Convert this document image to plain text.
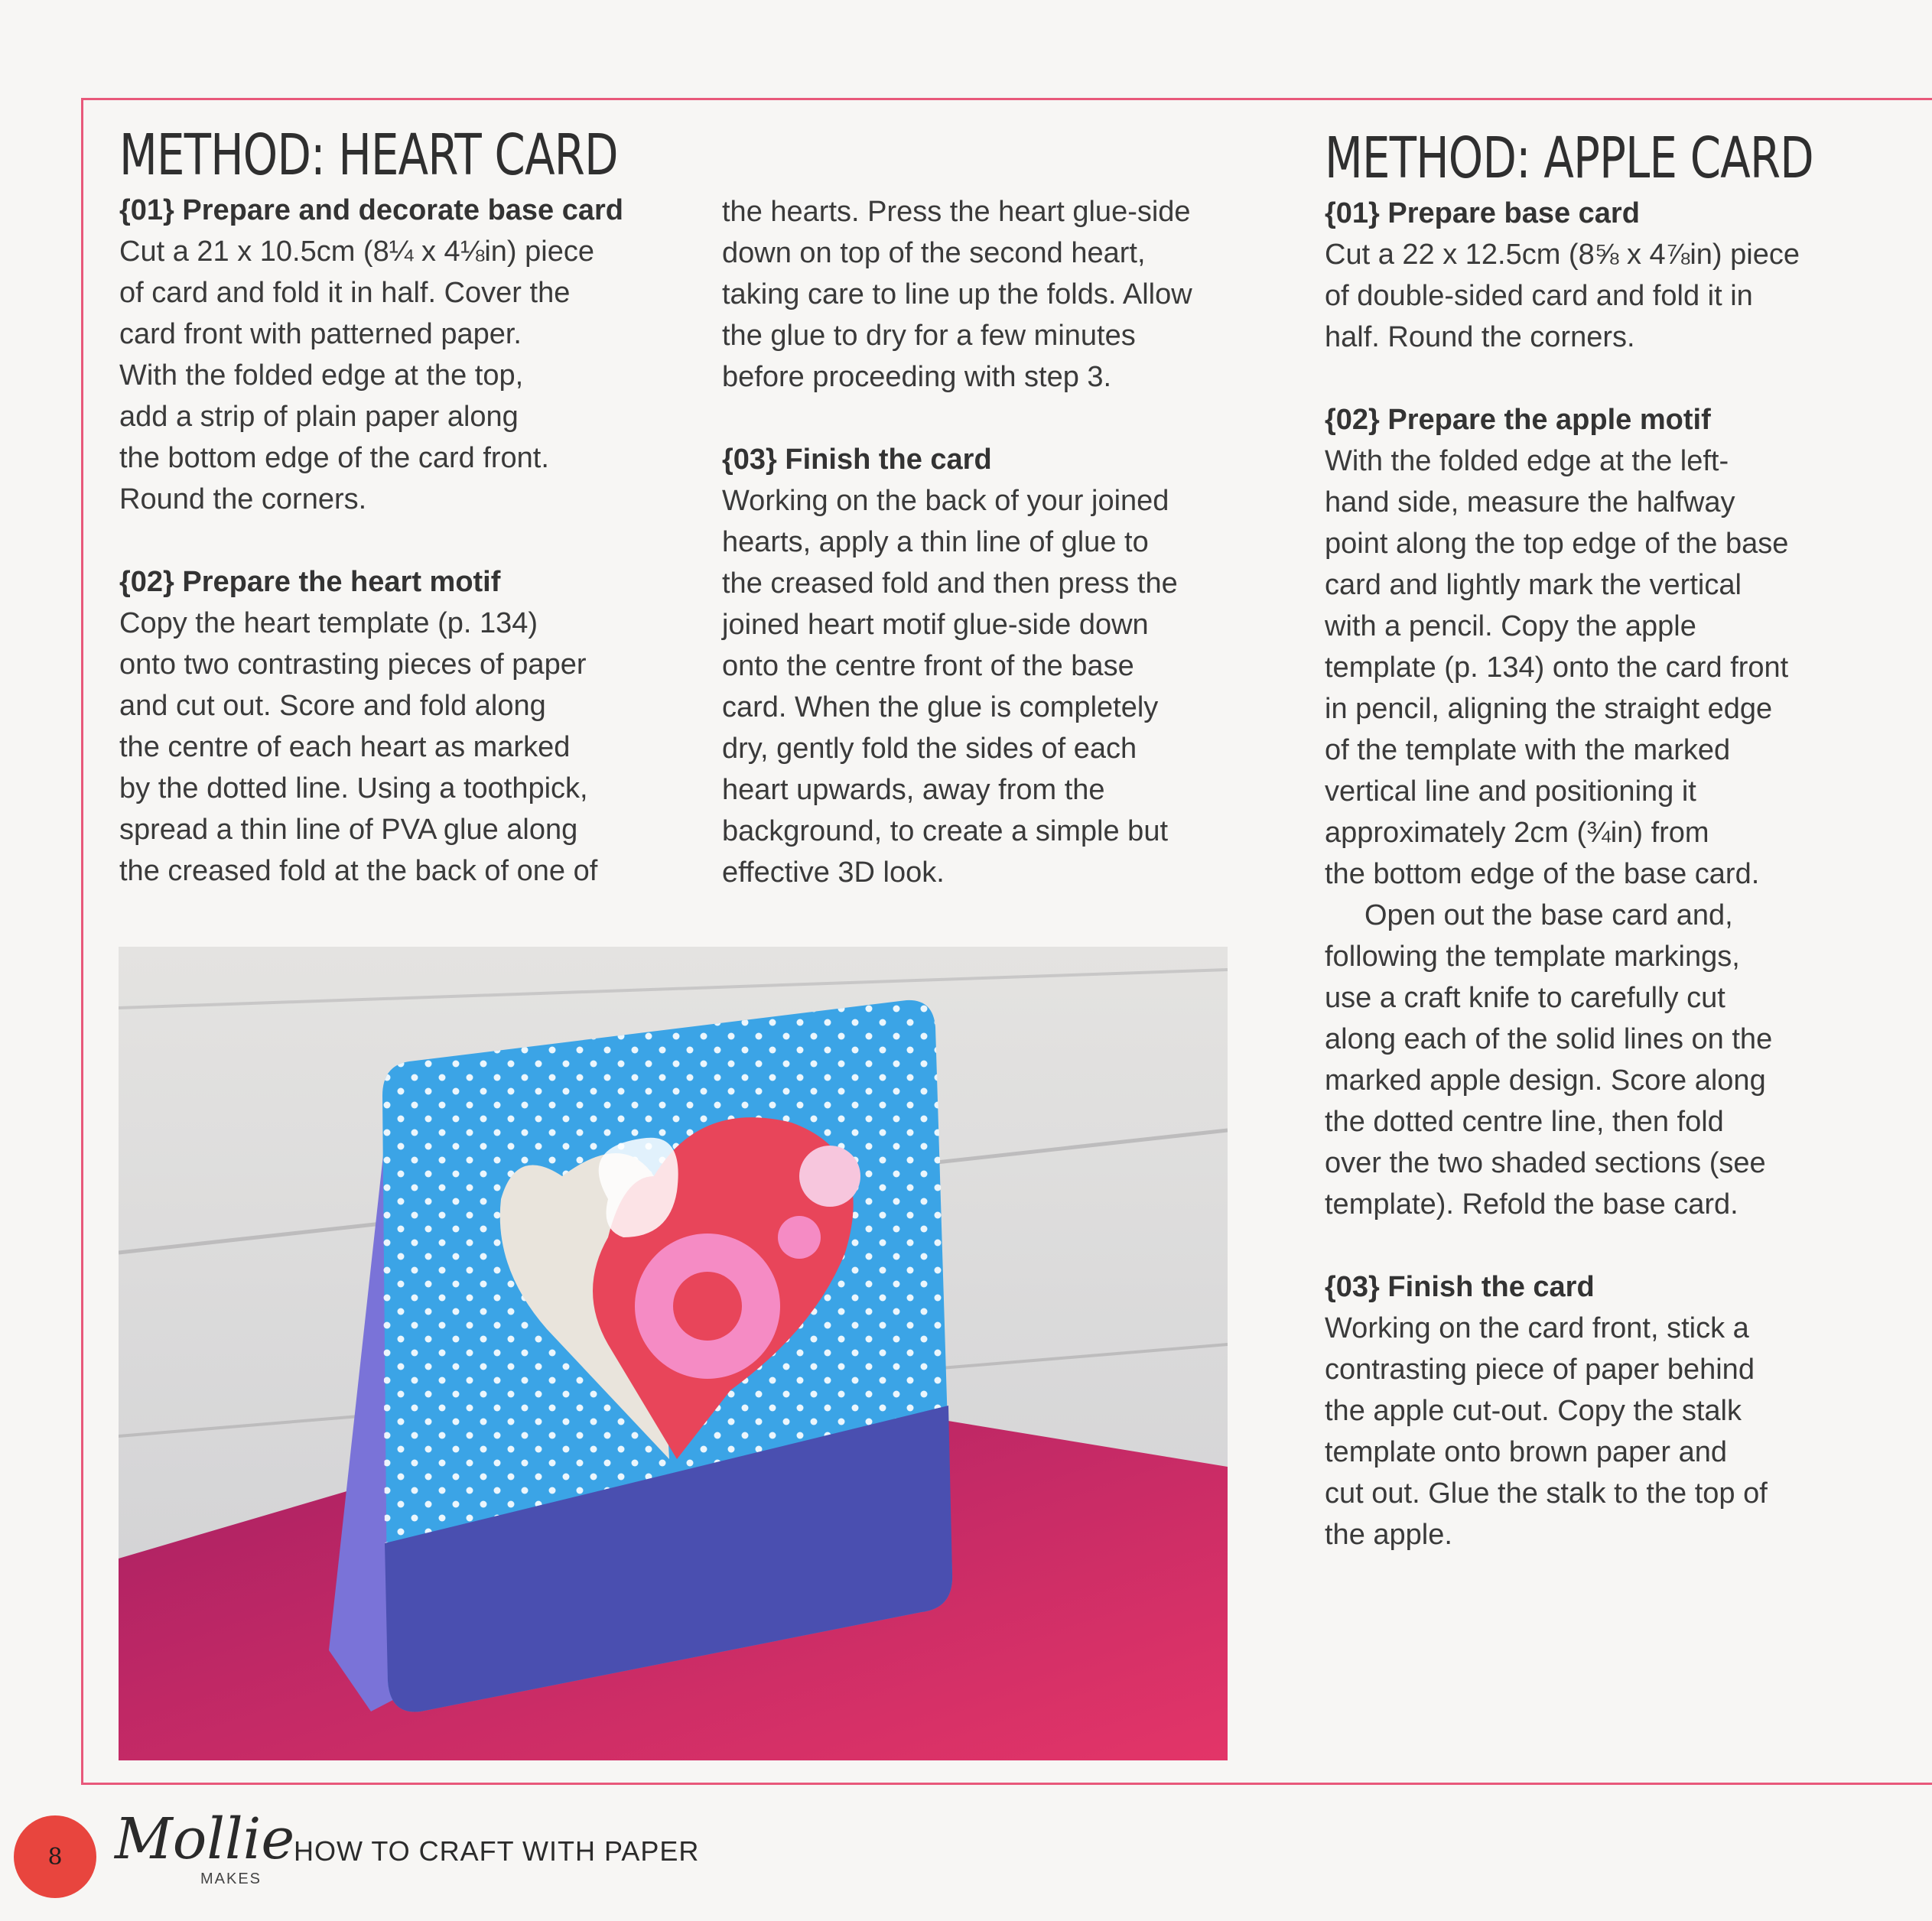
METHOD: HEART CARD

{01} Prepare and decorate base card

Cut a 21 x 10.5cm (8¼ x 4⅛in) piece

of card and fold it in half. Cover the

card front with patterned paper.

With the folded edge at the top,

add a strip of plain paper along

the bottom edge of the card front.

Round the corners.

{02} Prepare the heart motif

Copy the heart template (p. 134)

onto two contrasting pieces of paper

and cut out. Score and fold along

the centre of each heart as marked

by the dotted line. Using a toothpick,

spread a thin line of PVA glue along

the creased fold at the back of one of

the hearts. Press the heart glue-side

down on top of the second heart,

taking care to line up the folds. Allow

the glue to dry for a few minutes

before proceeding with step 3.

{03} Finish the card

Working on the back of your joined

hearts, apply a thin line of glue to

the creased fold and then press the

joined heart motif glue-side down

onto the centre front of the base

card. When the glue is completely

dry, gently fold the sides of each

heart upwards, away from the

background, to create a simple but

effective 3D look.

METHOD: APPLE CARD

{01} Prepare base card

Cut a 22 x 12.5cm (8⅝ x 4⅞in) piece

of double-sided card and fold it in

half. Round the corners.

{02} Prepare the apple motif

With the folded edge at the left-

hand side, measure the halfway

point along the top edge of the base

card and lightly mark the vertical

with a pencil. Copy the apple

template (p. 134) onto the card front

in pencil, aligning the straight edge

of the template with the marked

vertical line and positioning it

approximately 2cm (¾in) from

the bottom edge of the base card.

Open out the base card and,

following the template markings,

use a craft knife to carefully cut

along each of the solid lines on the

marked apple design. Score along

the dotted centre line, then fold

over the two shaded sections (see

template). Refold the base card.

{03} Finish the card

Working on the card front, stick a

contrasting piece of paper behind

the apple cut-out. Copy the stalk

template onto brown paper and

cut out. Glue the stalk to the top of

the apple.

8 Mollie
MAKES
HOW TO CRAFT WITH PAPER
